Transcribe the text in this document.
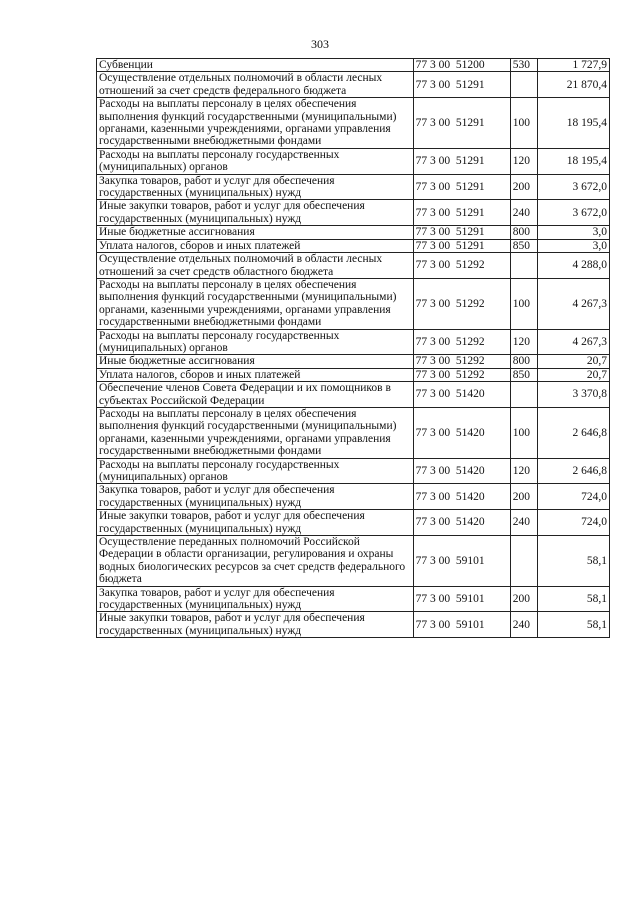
303
Субвенции	77 3 00  51200	530	1 727,9
Осуществление отдельных полномочий в области лесных отношений за счет средств федерального бюджета	77 3 00  51291		21 870,4
Расходы на выплаты персоналу в целях обеспечения выполнения функций государственными (муниципальными) органами, казенными учреждениями, органами управления государственными внебюджетными фондами	77 3 00  51291	100	18 195,4
Расходы на выплаты персоналу государственных (муниципальных) органов	77 3 00  51291	120	18 195,4
Закупка товаров, работ и услуг для обеспечения государственных (муниципальных) нужд	77 3 00  51291	200	3 672,0
Иные закупки товаров, работ и услуг для обеспечения государственных (муниципальных) нужд	77 3 00  51291	240	3 672,0
Иные бюджетные ассигнования	77 3 00  51291	800	3,0
Уплата налогов, сборов и иных платежей	77 3 00  51291	850	3,0
Осуществление отдельных полномочий в области лесных отношений за счет средств областного бюджета	77 3 00  51292		4 288,0
Расходы на выплаты персоналу в целях обеспечения выполнения функций государственными (муниципальными) органами, казенными учреждениями, органами управления государственными внебюджетными фондами	77 3 00  51292	100	4 267,3
Расходы на выплаты персоналу государственных (муниципальных) органов	77 3 00  51292	120	4 267,3
Иные бюджетные ассигнования	77 3 00  51292	800	20,7
Уплата налогов, сборов и иных платежей	77 3 00  51292	850	20,7
Обеспечение членов Совета Федерации и их помощников в субъектах Российской Федерации	77 3 00  51420		3 370,8
Расходы на выплаты персоналу в целях обеспечения выполнения функций государственными (муниципальными) органами, казенными учреждениями, органами управления государственными внебюджетными фондами	77 3 00  51420	100	2 646,8
Расходы на выплаты персоналу государственных (муниципальных) органов	77 3 00  51420	120	2 646,8
Закупка товаров, работ и услуг для обеспечения государственных (муниципальных) нужд	77 3 00  51420	200	724,0
Иные закупки товаров, работ и услуг для обеспечения государственных (муниципальных) нужд	77 3 00  51420	240	724,0
Осуществление переданных полномочий Российской Федерации в области организации, регулирования и охраны водных биологических ресурсов за счет средств федерального бюджета	77 3 00  59101		58,1
Закупка товаров, работ и услуг для обеспечения государственных (муниципальных) нужд	77 3 00  59101	200	58,1
Иные закупки товаров, работ и услуг для обеспечения государственных (муниципальных) нужд	77 3 00  59101	240	58,1
